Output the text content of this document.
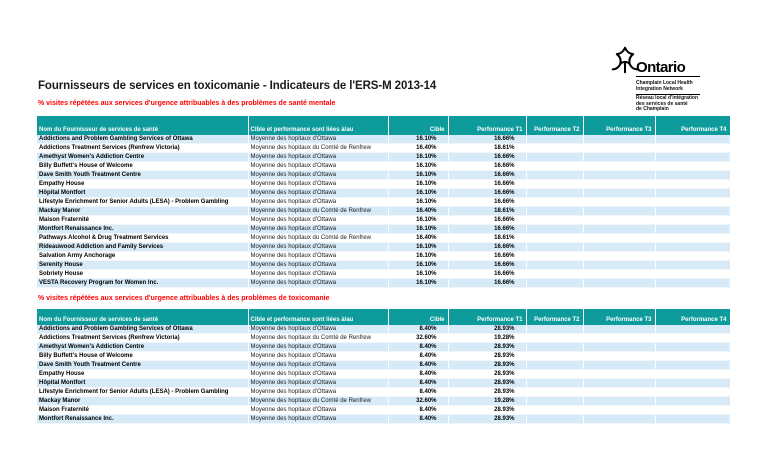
Ontario
Champlain Local Health
Integration Network
Réseau local d'intégration
des services de santé
de Champlain
Fournisseurs de services en toxicomanie - Indicateurs de l'ERS-M 2013-14
% visites répétées aux services d'urgence attribuables à des problèmes de santé mentale
Nom du Fournisseur de services de santé	Cible et performance sont liées à/au	Cible	Performance T1	Performance T2	Performance T3	Performance T4
Addictions and Problem Gambling Services of Ottawa	Moyenne des hopitaux d'Ottawa	16.10%	16.66%			
Addictions Treatment Services (Renfrew Victoria)	Moyenne des hopitaux du Comté de Renfrew	16.40%	18.61%			
Amethyst Women's Addiction Centre	Moyenne des hopitaux d'Ottawa	16.10%	16.66%			
Billy Buffett's House of Welcome	Moyenne des hopitaux d'Ottawa	16.10%	16.66%			
Dave Smith Youth Treatment Centre	Moyenne des hopitaux d'Ottawa	16.10%	16.66%			
Empathy House	Moyenne des hopitaux d'Ottawa	16.10%	16.66%			
Hôpital Montfort	Moyenne des hopitaux d'Ottawa	16.10%	16.66%			
Lifestyle Enrichment for Senior Adults (LESA) - Problem Gambling	Moyenne des hopitaux d'Ottawa	16.10%	16.66%			
Mackay Manor	Moyenne des hopitaux du Comté de Renfrew	16.40%	18.61%			
Maison Fraternité	Moyenne des hopitaux d'Ottawa	16.10%	16.66%			
Montfort Renaissance Inc.	Moyenne des hopitaux d'Ottawa	16.10%	16.66%			
Pathways Alcohol & Drug Treatment Services	Moyenne des hopitaux du Comté de Renfrew	16.40%	18.61%			
Rideauwood Addiction and Family Services	Moyenne des hopitaux d'Ottawa	16.10%	16.66%			
Salvation Army Anchorage	Moyenne des hopitaux d'Ottawa	16.10%	16.66%			
Serenity House	Moyenne des hopitaux d'Ottawa	16.10%	16.66%			
Sobriety House	Moyenne des hopitaux d'Ottawa	16.10%	16.66%			
VESTA Recovery Program for Women Inc.	Moyenne des hopitaux d'Ottawa	16.10%	16.66%			
% visites répétées aux services d'urgence attribuables à des problèmes de toxicomanie
Nom du Fournisseur de services de santé	Cible et performance sont liées à/au	Cible	Performance T1	Performance T2	Performance T3	Performance T4
Addictions and Problem Gambling Services of Ottawa	Moyenne des hopitaux d'Ottawa	8.40%	28.93%			
Addictions Treatment Services (Renfrew Victoria)	Moyenne des hopitaux du Comté de Renfrew	32.60%	19.28%			
Amethyst Women's Addiction Centre	Moyenne des hopitaux d'Ottawa	8.40%	28.93%			
Billy Buffett's House of Welcome	Moyenne des hopitaux d'Ottawa	8.40%	28.93%			
Dave Smith Youth Treatment Centre	Moyenne des hopitaux d'Ottawa	8.40%	28.93%			
Empathy House	Moyenne des hopitaux d'Ottawa	8.40%	28.93%			
Hôpital Montfort	Moyenne des hopitaux d'Ottawa	8.40%	28.93%			
Lifestyle Enrichment for Senior Adults (LESA) - Problem Gambling	Moyenne des hopitaux d'Ottawa	8.40%	28.93%			
Mackay Manor	Moyenne des hopitaux du Comté de Renfrew	32.60%	19.28%			
Maison Fraternité	Moyenne des hopitaux d'Ottawa	8.40%	28.93%			
Montfort Renaissance Inc.	Moyenne des hopitaux d'Ottawa	8.40%	28.93%			
